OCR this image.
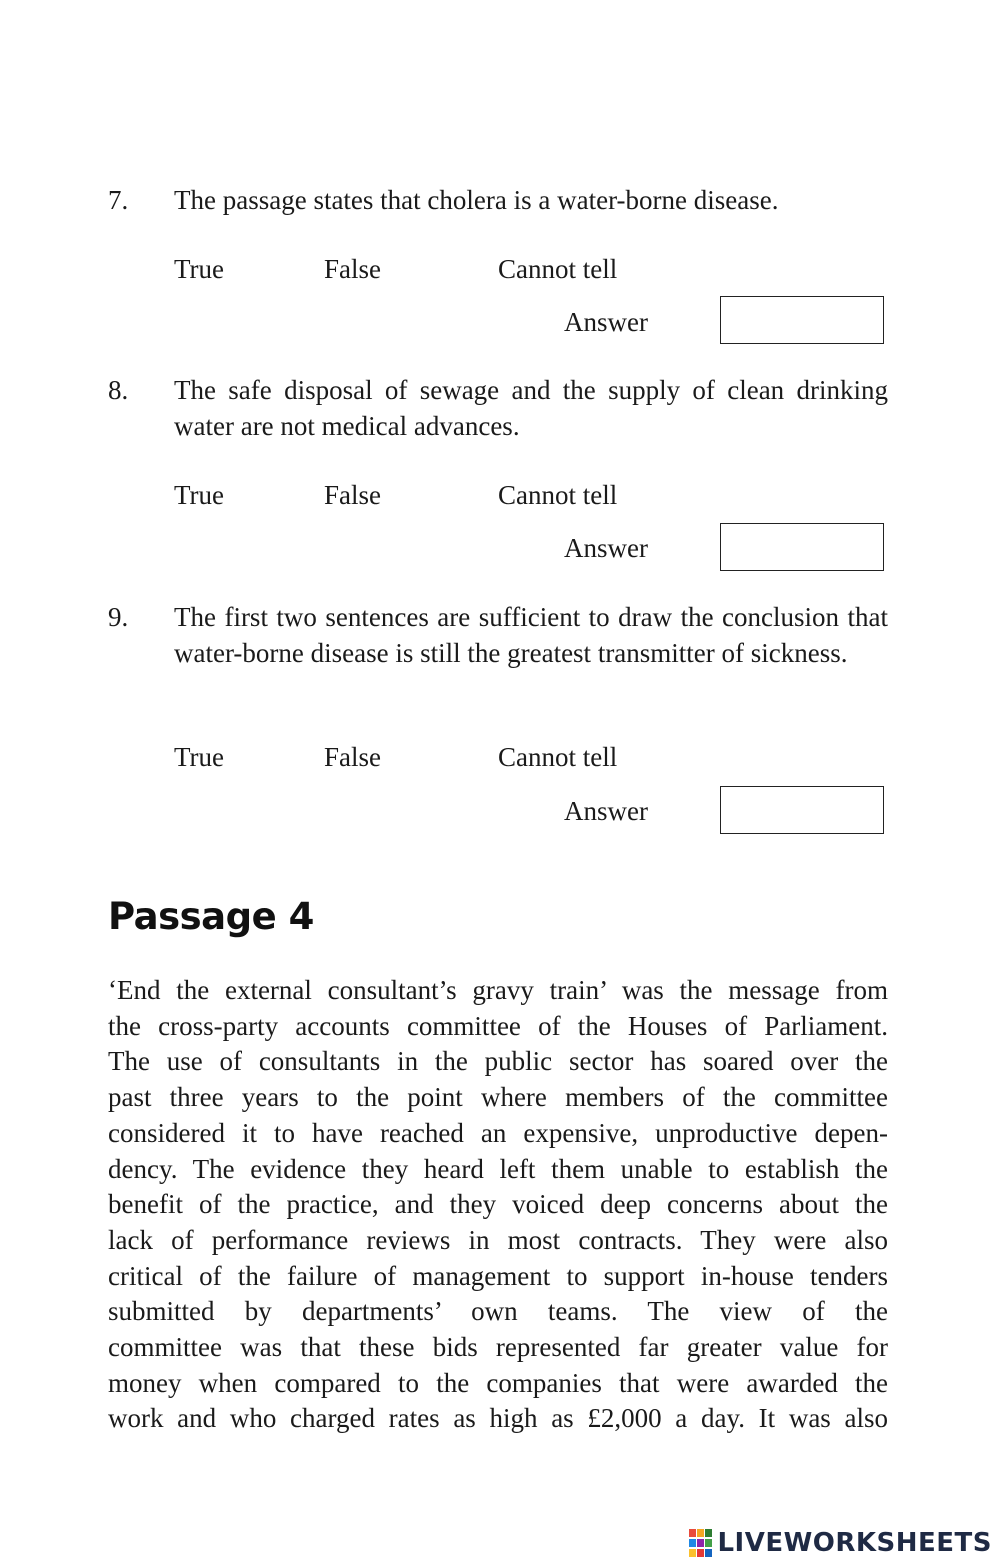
7. The passage states that cholera is a water-borne disease.
True	False	Cannot tell
Answer
8. The safe disposal of sewage and the supply of clean drinking water are not medical advances.
True	False	Cannot tell
Answer
9. The first two sentences are sufficient to draw the conclusion that water-borne disease is still the greatest transmitter of sickness.
True	False	Cannot tell
Answer
Passage 4
‘End the external consultant’s gravy train’ was the message from
the cross-party accounts committee of the Houses of Parliament.
The use of consultants in the public sector has soared over the
past three years to the point where members of the committee
considered it to have reached an expensive, unproductive depen-
dency. The evidence they heard left them unable to establish the
benefit of the practice, and they voiced deep concerns about the
lack of performance reviews in most contracts. They were also
critical of the failure of management to support in-house tenders
submitted by departments’ own teams. The view of the
committee was that these bids represented far greater value for
money when compared to the companies that were awarded the
work and who charged rates as high as £2,000 a day. It was also
LIVEWORKSHEETS
